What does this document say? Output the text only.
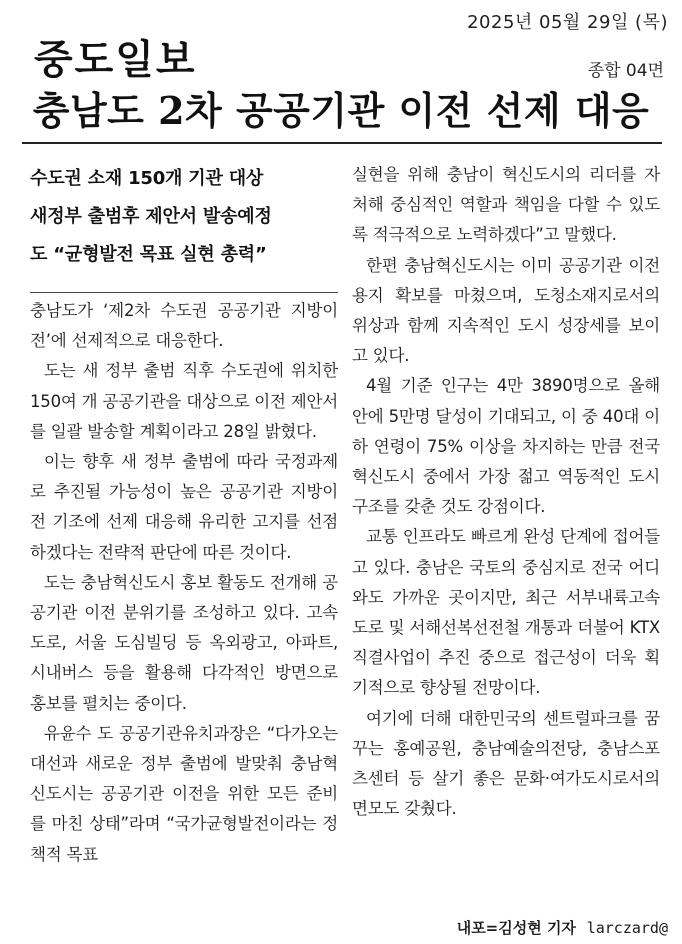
2025년 05월 29일 (목)
중도일보	종합 04면
충남도 2차 공공기관 이전 선제 대응
수도권 소재 150개 기관 대상
새정부 출범후 제안서 발송예정
도 “균형발전 목표 실현 총력”

충남도가 ‘제2차 수도권 공공기관 지방이전’에 선제적으로 대응한다.

도는 새 정부 출범 직후 수도권에 위치한 150여 개 공공기관을 대상으로 이전 제안서를 일괄 발송할 계획이라고 28일 밝혔다.

이는 향후 새 정부 출범에 따라 국정과제로 추진될 가능성이 높은 공공기관 지방이전 기조에 선제 대응해 유리한 고지를 선점하겠다는 전략적 판단에 따른 것이다.

도는 충남혁신도시 홍보 활동도 전개해 공공기관 이전 분위기를 조성하고 있다. 고속도로, 서울 도심빌딩 등 옥외광고, 아파트, 시내버스 등을 활용해 다각적인 방면으로 홍보를 펼치는 중이다.

유윤수 도 공공기관유치과장은 “다가오는 대선과 새로운 정부 출범에 발맞춰 충남혁신도시는 공공기관 이전을 위한 모든 준비를 마친 상태”라며 “국가균형발전이라는 정책적 목표

실현을 위해 충남이 혁신도시의 리더를 자처해 중심적인 역할과 책임을 다할 수 있도록 적극적으로 노력하겠다”고 말했다.

한편 충남혁신도시는 이미 공공기관 이전 용지 확보를 마쳤으며, 도청소재지로서의 위상과 함께 지속적인 도시 성장세를 보이고 있다.

4월 기준 인구는 4만 3890명으로 올해 안에 5만명 달성이 기대되고, 이 중 40대 이하 연령이 75% 이상을 차지하는 만큼 전국 혁신도시 중에서 가장 젊고 역동적인 도시 구조를 갖춘 것도 강점이다.

교통 인프라도 빠르게 완성 단계에 접어들고 있다. 충남은 국토의 중심지로 전국 어디와도 가까운 곳이지만, 최근 서부내륙고속도로 및 서해선복선전철 개통과 더불어 KTX 직결사업이 추진 중으로 접근성이 더욱 획기적으로 향상될 전망이다.

여기에 더해 대한민국의 센트럴파크를 꿈꾸는 홍예공원, 충남예술의전당, 충남스포츠센터 등 살기 좋은 문화·여가도시로서의 면모도 갖췄다.

내포=김성현 기자 larczard@
